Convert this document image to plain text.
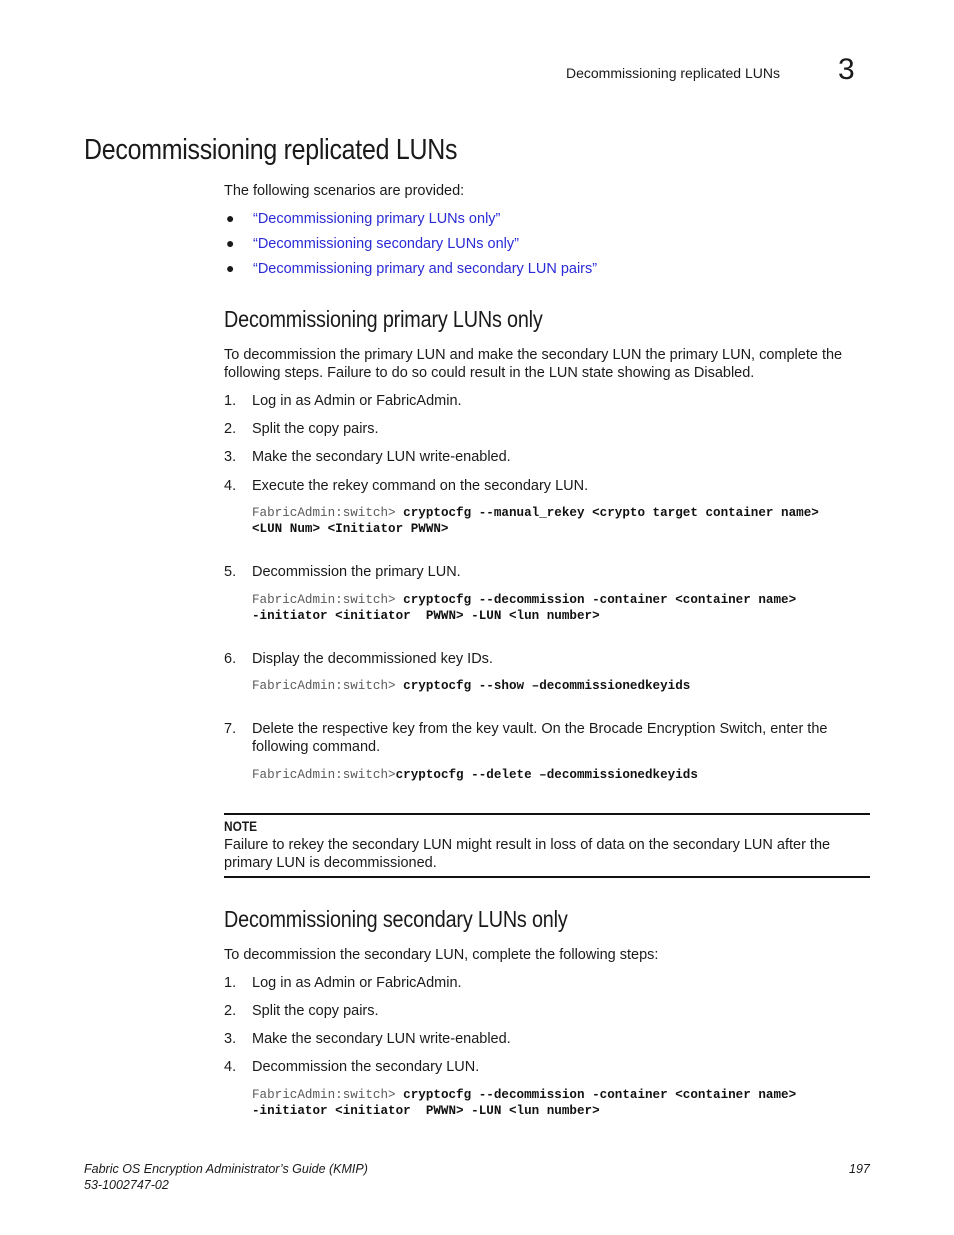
Decommissioning replicated LUNs 3
Decommissioning replicated LUNs
The following scenarios are provided:
● “Decommissioning primary LUNs only”
● “Decommissioning secondary LUNs only”
● “Decommissioning primary and secondary LUN pairs”
Decommissioning primary LUNs only
To decommission the primary LUN and make the secondary LUN the primary LUN, complete the following steps. Failure to do so could result in the LUN state showing as Disabled.
1. Log in as Admin or FabricAdmin.
2. Split the copy pairs.
3. Make the secondary LUN write-enabled.
4. Execute the rekey command on the secondary LUN.
FabricAdmin:switch> cryptocfg --manual_rekey <crypto target container name>
<LUN Num> <Initiator PWWN>
5. Decommission the primary LUN.
FabricAdmin:switch> cryptocfg --decommission -container <container name>
-initiator <initiator  PWWN> -LUN <lun number>
6. Display the decommissioned key IDs.
FabricAdmin:switch> cryptocfg --show –decommissionedkeyids
7. Delete the respective key from the key vault. On the Brocade Encryption Switch, enter the following command.
FabricAdmin:switch>cryptocfg --delete –decommissionedkeyids
NOTE
Failure to rekey the secondary LUN might result in loss of data on the secondary LUN after the primary LUN is decommissioned.
Decommissioning secondary LUNs only
To decommission the secondary LUN, complete the following steps:
1. Log in as Admin or FabricAdmin.
2. Split the copy pairs.
3. Make the secondary LUN write-enabled.
4. Decommission the secondary LUN.
FabricAdmin:switch> cryptocfg --decommission -container <container name>
-initiator <initiator  PWWN> -LUN <lun number>
Fabric OS Encryption Administrator’s Guide (KMIP)
53-1002747-02
197
